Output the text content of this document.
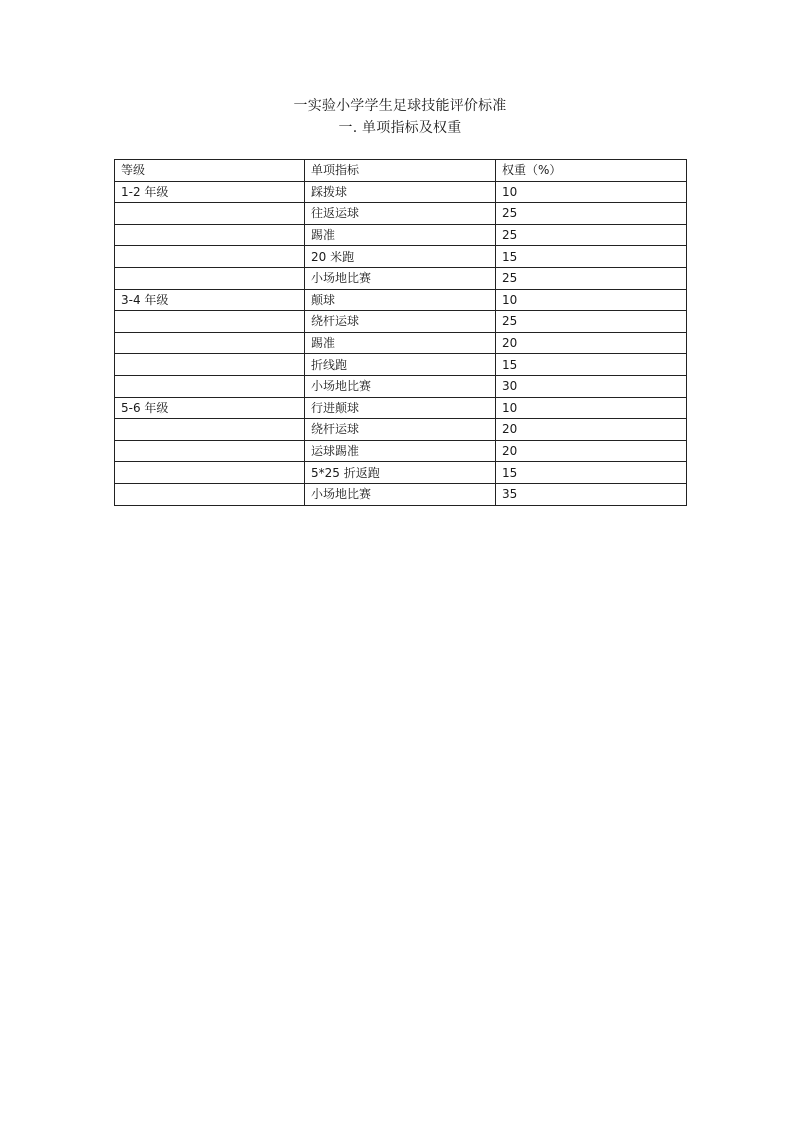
一实验小学学生足球技能评价标准
一. 单项指标及权重
等级	单项指标	权重（%）
1-2 年级	踩拨球	10
	往返运球	25
	踢准	25
	20 米跑	15
	小场地比赛	25
3-4 年级	颠球	10
	绕杆运球	25
	踢准	20
	折线跑	15
	小场地比赛	30
5-6 年级	行进颠球	10
	绕杆运球	20
	运球踢准	20
	5*25 折返跑	15
	小场地比赛	35
